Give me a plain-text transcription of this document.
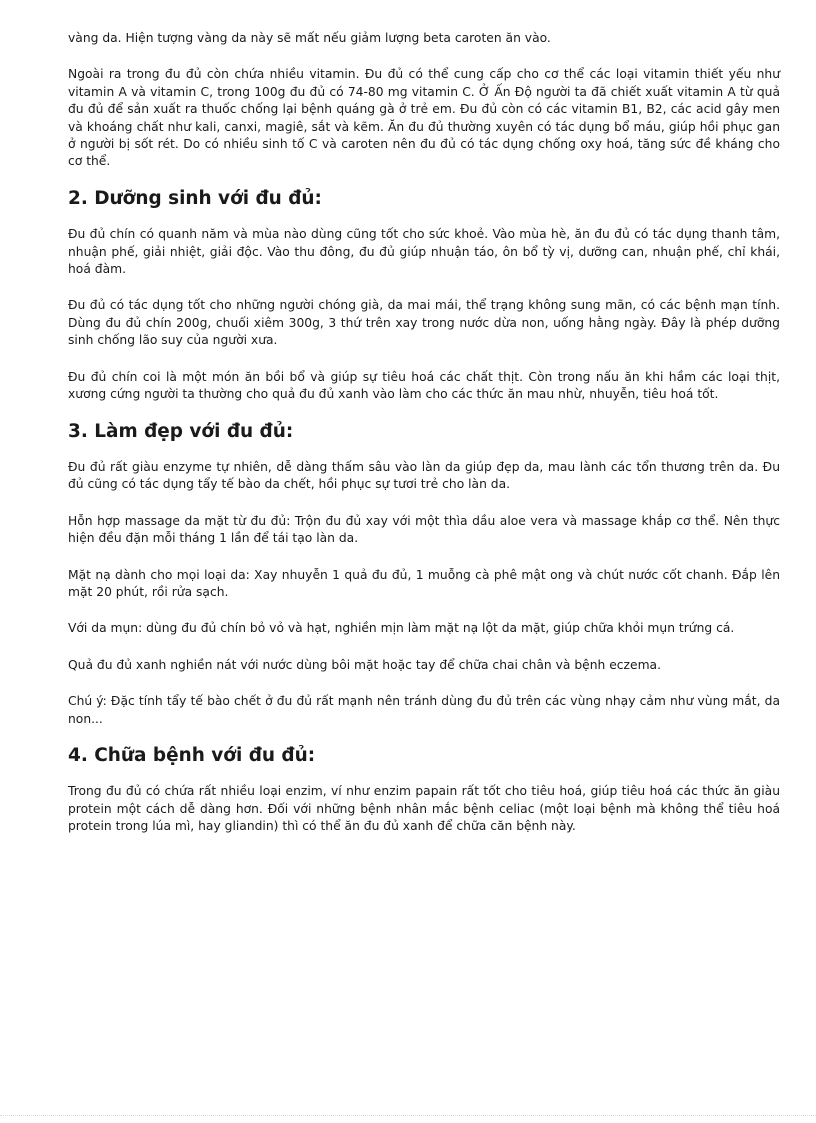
vàng da. Hiện tượng vàng da này sẽ mất nếu giảm lượng beta caroten ăn vào.

Ngoài ra trong đu đủ còn chứa nhiều vitamin. Đu đủ có thể cung cấp cho cơ thể các loại vitamin thiết yếu như vitamin A và vitamin C, trong 100g đu đủ có 74-80 mg vitamin C. Ở Ấn Độ người ta đã chiết xuất vitamin A từ quả đu đủ để sản xuất ra thuốc chống lại bệnh quáng gà ở trẻ em. Đu đủ còn có các vitamin B1, B2, các acid gây men và khoáng chất như kali, canxi, magiê, sắt và kẽm. Ăn đu đủ thường xuyên có tác dụng bổ máu, giúp hồi phục gan ở người bị sốt rét. Do có nhiều sinh tố C và caroten nên đu đủ có tác dụng chống oxy hoá, tăng sức đề kháng cho cơ thể.

2. Dưỡng sinh với đu đủ:

Đu đủ chín có quanh năm và mùa nào dùng cũng tốt cho sức khoẻ. Vào mùa hè, ăn đu đủ có tác dụng thanh tâm, nhuận phế, giải nhiệt, giải độc. Vào thu đông, đu đủ giúp nhuận táo, ôn bổ tỳ vị, dưỡng can, nhuận phế, chỉ khái, hoá đàm.

Đu đủ có tác dụng tốt cho những người chóng già, da mai mái, thể trạng không sung mãn, có các bệnh mạn tính. Dùng đu đủ chín 200g, chuối xiêm 300g, 3 thứ trên xay trong nước dừa non, uống hằng ngày. Đây là phép dưỡng sinh chống lão suy của người xưa.

Đu đủ chín coi là một món ăn bồi bổ và giúp sự tiêu hoá các chất thịt. Còn trong nấu ăn khi hầm các loại thịt, xương cứng người ta thường cho quả đu đủ xanh vào làm cho các thức ăn mau nhừ, nhuyễn, tiêu hoá tốt.

3. Làm đẹp với đu đủ:

Đu đủ rất giàu enzyme tự nhiên, dễ dàng thấm sâu vào làn da giúp đẹp da, mau lành các tổn thương trên da. Đu đủ cũng có tác dụng tẩy tế bào da chết, hồi phục sự tươi trẻ cho làn da.

Hỗn hợp massage da mặt từ đu đủ: Trộn đu đủ xay với một thìa dầu aloe vera và massage khắp cơ thể. Nên thực hiện đều đặn mỗi tháng 1 lần để tái tạo làn da.

Mặt nạ dành cho mọi loại da: Xay nhuyễn 1 quả đu đủ, 1 muỗng cà phê mật ong và chút nước cốt chanh. Đắp lên mặt 20 phút, rồi rửa sạch.

Với da mụn: dùng đu đủ chín bỏ vỏ và hạt, nghiền mịn làm mặt nạ lột da mặt, giúp chữa khỏi mụn trứng cá.

Quả đu đủ xanh nghiền nát với nước dùng bôi mặt hoặc tay để chữa chai chân và bệnh eczema.

Chú ý: Đặc tính tẩy tế bào chết ở đu đủ rất mạnh nên tránh dùng đu đủ trên các vùng nhạy cảm như vùng mắt, da non...

4. Chữa bệnh với đu đủ:

Trong đu đủ có chứa rất nhiều loại enzim, ví như enzim papain rất tốt cho tiêu hoá, giúp tiêu hoá các thức ăn giàu protein một cách dễ dàng hơn. Đối với những bệnh nhân mắc bệnh celiac (một loại bệnh mà không thể tiêu hoá protein trong lúa mì, hay gliandin) thì có thể ăn đu đủ xanh để chữa căn bệnh này.
